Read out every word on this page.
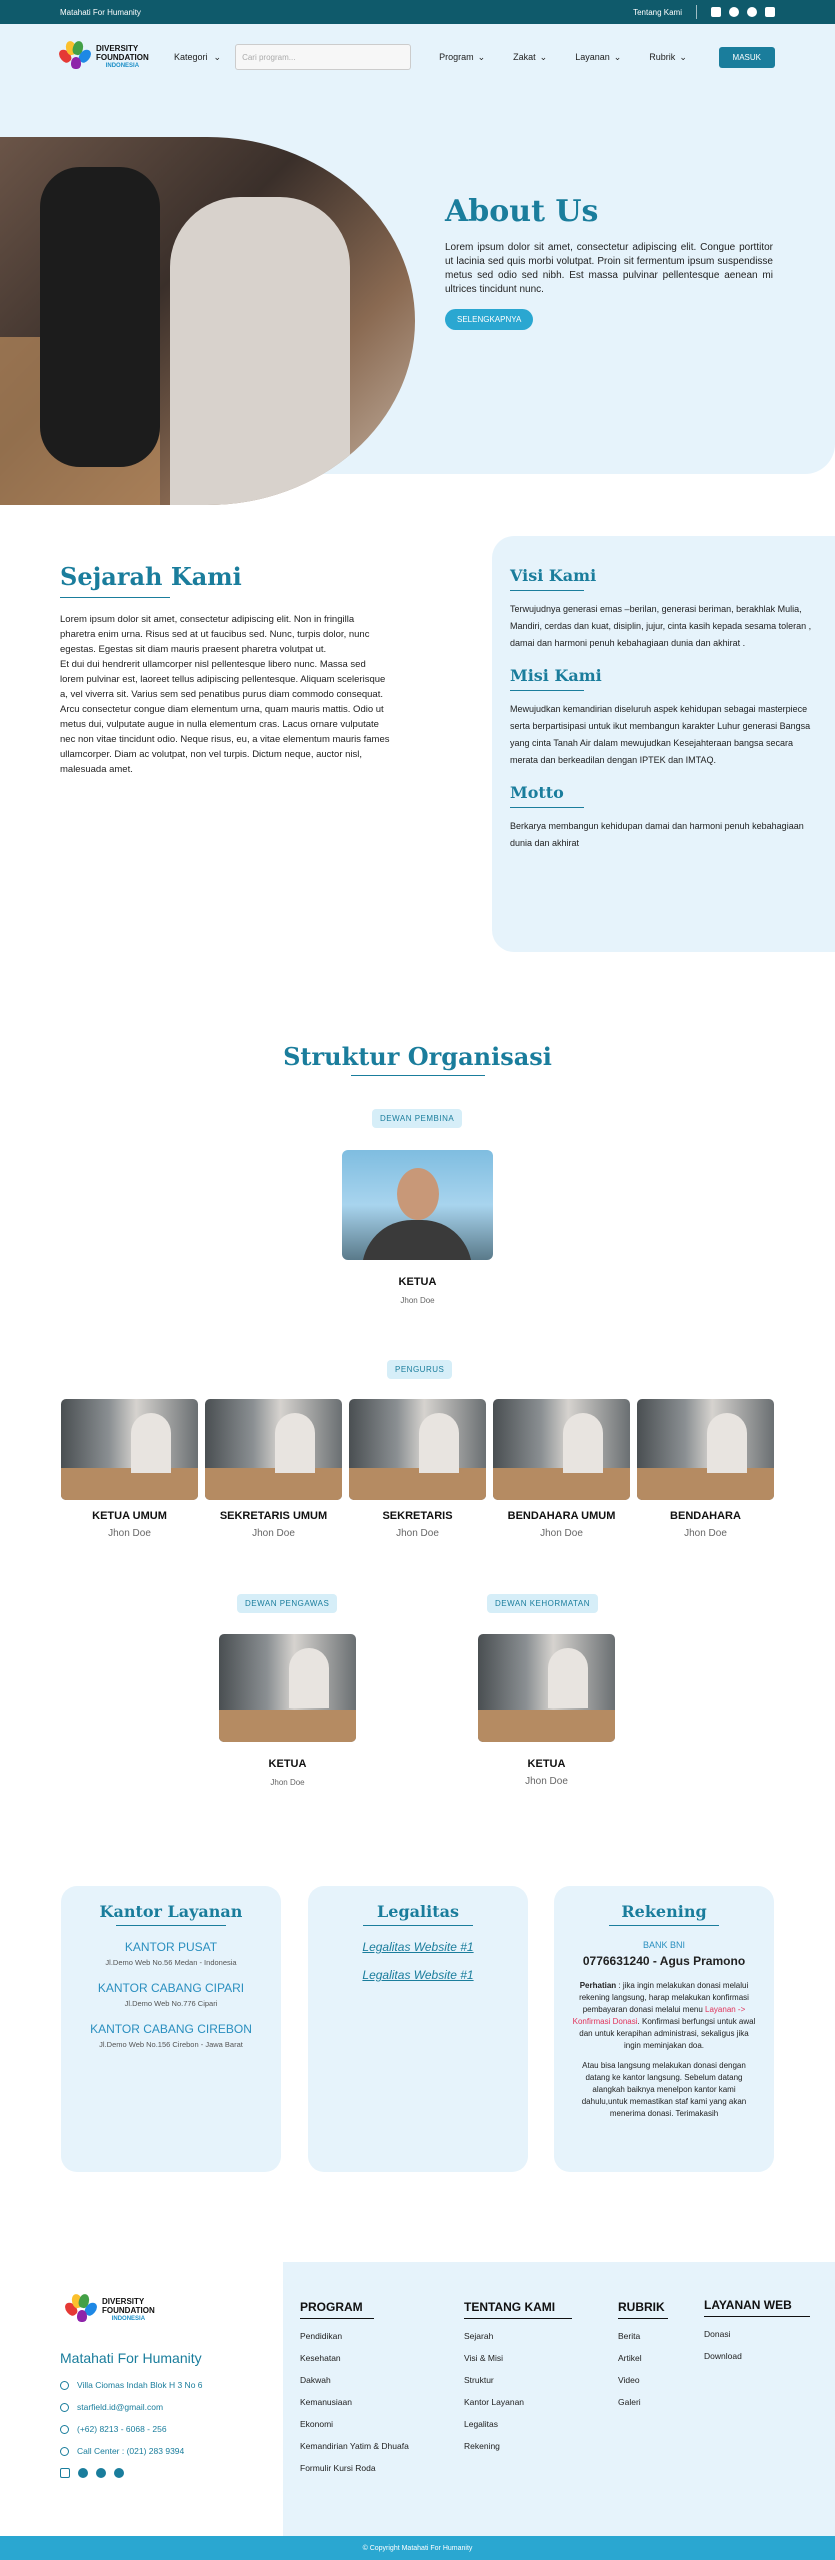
Matahati For Humanity	Tentang Kami
DIVERSITY
FOUNDATION
INDONESIA
Kategori ⌄	Cari program...	Program ⌄	Zakat ⌄	Layanan ⌄	Rubrik ⌄	MASUK
About Us

Lorem ipsum dolor sit amet, consectetur adipiscing elit. Congue porttitor ut lacinia sed quis morbi volutpat. Proin sit fermentum ipsum suspendisse metus sed odio sed nibh. Est massa pulvinar pellentesque aenean mi ultrices tincidunt nunc.

SELENGKAPNYA
Sejarah Kami

Lorem ipsum dolor sit amet, consectetur adipiscing elit. Non in fringilla pharetra enim urna. Risus sed at ut faucibus sed. Nunc, turpis dolor, nunc egestas. Egestas sit diam mauris praesent pharetra volutpat ut.
Et dui dui hendrerit ullamcorper nisl pellentesque libero nunc. Massa sed lorem pulvinar est, laoreet tellus adipiscing pellentesque. Aliquam scelerisque a, vel viverra sit. Varius sem sed penatibus purus diam commodo consequat. Arcu consectetur congue diam elementum urna, quam mauris mattis. Odio ut metus dui, vulputate augue in nulla elementum cras. Lacus ornare vulputate nec non vitae tincidunt odio. Neque risus, eu, a vitae elementum mauris fames ullamcorper. Diam ac volutpat, non vel turpis. Dictum neque, auctor nisl, malesuada amet.

Visi Kami

Terwujudnya generasi emas –berilan, generasi beriman, berakhlak Mulia, Mandiri, cerdas dan kuat, disiplin, jujur, cinta kasih kepada sesama toleran , damai dan harmoni penuh kebahagiaan dunia dan akhirat .

Misi Kami

Mewujudkan kemandirian diseluruh aspek kehidupan sebagai masterpiece serta berpartisipasi untuk ikut membangun karakter Luhur generasi Bangsa yang cinta Tanah Air dalam mewujudkan Kesejahteraan bangsa secara merata dan berkeadilan dengan IPTEK dan IMTAQ.

Motto

Berkarya membangun kehidupan damai dan harmoni penuh kebahagiaan dunia dan akhirat

Struktur Organisasi
DEWAN PEMBINA
KETUA
Jhon Doe
PENGURUS
KETUA UMUM	SEKRETARIS UMUM	SEKRETARIS	BENDAHARA UMUM	BENDAHARA
Jhon Doe	Jhon Doe	Jhon Doe	Jhon Doe	Jhon Doe
DEWAN PENGAWAS	DEWAN KEHORMATAN
KETUA
Jhon Doe
KETUA
Jhon Doe
Kantor Layanan
KANTOR PUSAT
Jl.Demo Web No.56 Medan - Indonesia
KANTOR CABANG CIPARI
Jl.Demo Web No.776 Cipari
KANTOR CABANG CIREBON
Jl.Demo Web No.156 Cirebon - Jawa Barat
Legalitas
Legalitas Website #1
Legalitas Website #1
Rekening
BANK BNI
0776631240 - Agus Pramono
Perhatian : jika ingin melakukan donasi melalui rekening langsung, harap melakukan konfirmasi pembayaran donasi melalui menu Layanan -> Konfirmasi Donasi. Konfirmasi berfungsi untuk awal dan untuk kerapihan administrasi, sekaligus jika ingin meminjakan doa.
Atau bisa langsung melakukan donasi dengan datang ke kantor langsung. Sebelum datang alangkah baiknya menelpon kantor kami dahulu,untuk memastikan staf kami yang akan menerima donasi. Terimakasih
DIVERSITY
FOUNDATION
INDONESIA
Matahati For Humanity
Villa Ciomas Indah Blok H 3 No 6
starfield.id@gmail.com
(+62) 8213 - 6068 - 256
Call Center : (021) 283 9394
PROGRAM
Pendidikan
Kesehatan
Dakwah
Kemanusiaan
Ekonomi
Kemandirian Yatim & Dhuafa
Formulir Kursi Roda
TENTANG KAMI
Sejarah
Visi & Misi
Struktur
Kantor Layanan
Legalitas
Rekening
RUBRIK
Berita
Artikel
Video
Galeri
LAYANAN WEB
Donasi
Download
© Copyright Matahati For Humanity
